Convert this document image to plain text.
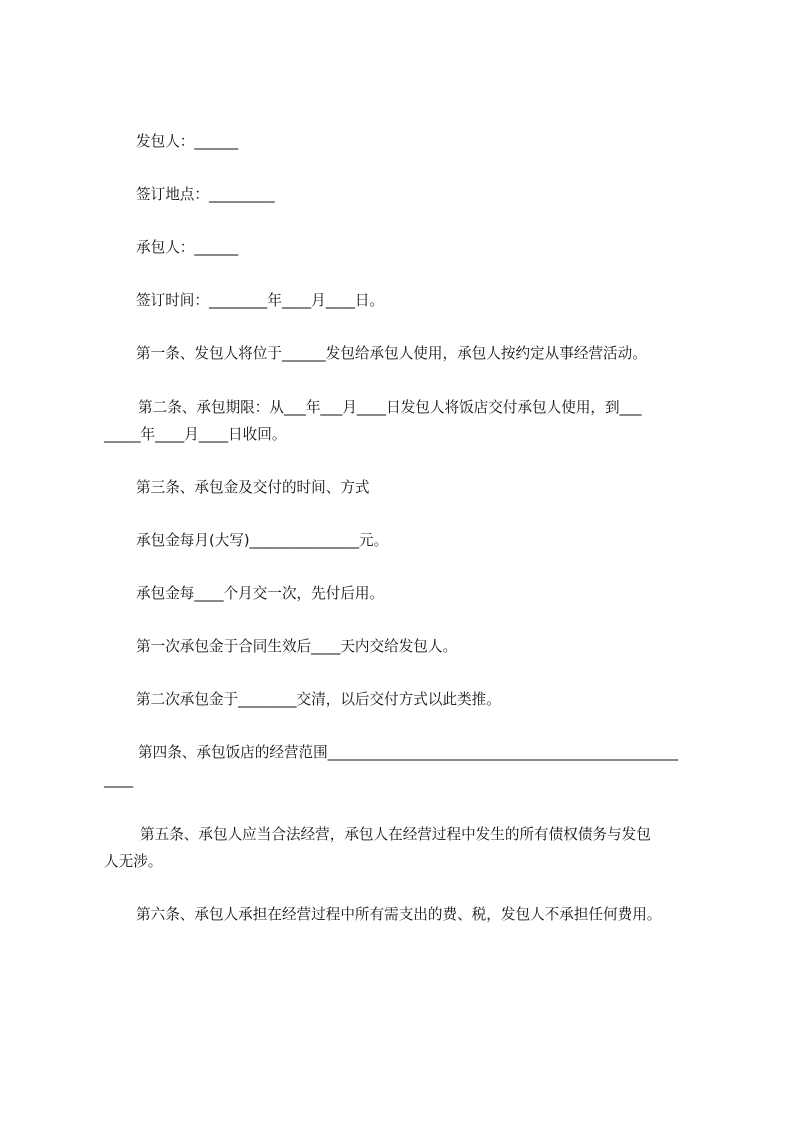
发包人：______
签订地点：_________
承包人：______
签订时间：________年____月____日。
第一条、发包人将位于______发包给承包人使用，承包人按约定从事经营活动。
第二条、承包期限：从___年___月____日发包人将饭店交付承包人使用，到___
_____年____月____日收回。
第三条、承包金及交付的时间、方式
承包金每月(大写)_______________元。
承包金每____个月交一次，先付后用。
第一次承包金于合同生效后____天内交给发包人。
第二次承包金于________交清，以后交付方式以此类推。
第四条、承包饭店的经营范围________________________________________________
____
第五条、承包人应当合法经营，承包人在经营过程中发生的所有债权债务与发包
人无涉。
第六条、承包人承担在经营过程中所有需支出的费、税，发包人不承担任何费用。
